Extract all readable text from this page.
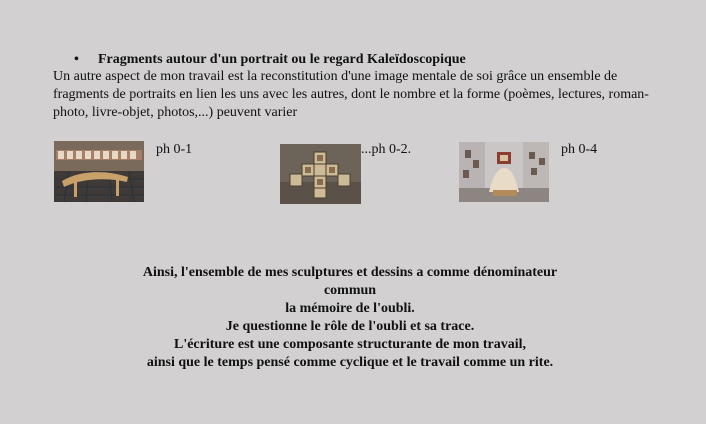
• Fragments autour d'un portrait ou le regard Kaleïdoscopique
Un autre aspect de mon travail est la reconstitution d'une image mentale de soi grâce un ensemble de fragments de portraits en lien les uns avec les autres, dont le nombre et la forme (poèmes, lectures, roman-photo, livre-objet, photos,...) peuvent varier
ph 0-1	...ph 0-2.	ph 0-4
Ainsi, l'ensemble de mes sculptures et dessins a comme dénominateur
commun
la mémoire de l'oubli.
Je questionne le rôle de l'oubli et sa trace.
L'écriture est une composante structurante de mon travail,
ainsi que le temps pensé comme cyclique et le travail comme un rite.
